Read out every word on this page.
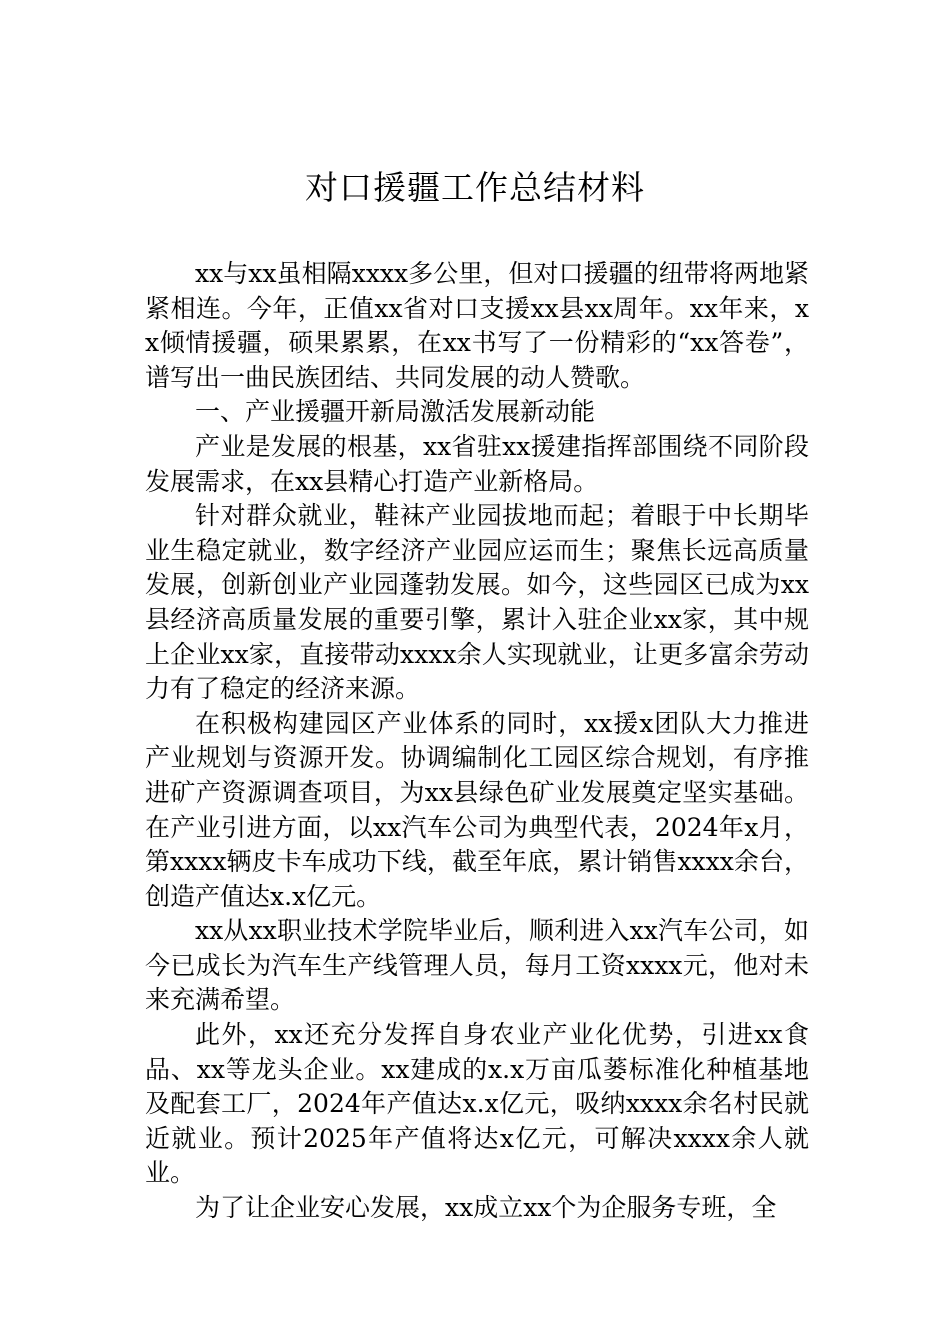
对口援疆工作总结材料

xx与xx虽相隔xxxx多公里，但对口援疆的纽带将两地紧紧相连。今年，正值xx省对口支援xx县xx周年。xx年来，xx倾情援疆，硕果累累，在xx书写了一份精彩的“xx答卷”，谱写出一曲民族团结、共同发展的动人赞歌。

一、产业援疆开新局激活发展新动能

产业是发展的根基，xx省驻xx援建指挥部围绕不同阶段发展需求，在xx县精心打造产业新格局。

针对群众就业，鞋袜产业园拔地而起；着眼于中长期毕业生稳定就业，数字经济产业园应运而生；聚焦长远高质量发展，创新创业产业园蓬勃发展。如今，这些园区已成为xx县经济高质量发展的重要引擎，累计入驻企业xx家，其中规上企业xx家，直接带动xxxx余人实现就业，让更多富余劳动力有了稳定的经济来源。

在积极构建园区产业体系的同时，xx援x团队大力推进产业规划与资源开发。协调编制化工园区综合规划，有序推进矿产资源调查项目，为xx县绿色矿业发展奠定坚实基础。在产业引进方面，以xx汽车公司为典型代表，2024年x月，第xxxx辆皮卡车成功下线，截至年底，累计销售xxxx余台，创造产值达x.x亿元。

xx从xx职业技术学院毕业后，顺利进入xx汽车公司，如今已成长为汽车生产线管理人员，每月工资xxxx元，他对未来充满希望。

此外，xx还充分发挥自身农业产业化优势，引进xx食品、xx等龙头企业。xx建成的x.x万亩瓜蒌标准化种植基地及配套工厂，2024年产值达x.x亿元，吸纳xxxx余名村民就近就业。预计2025年产值将达x亿元，可解决xxxx余人就业。

为了让企业安心发展，xx成立xx个为企服务专班，全
